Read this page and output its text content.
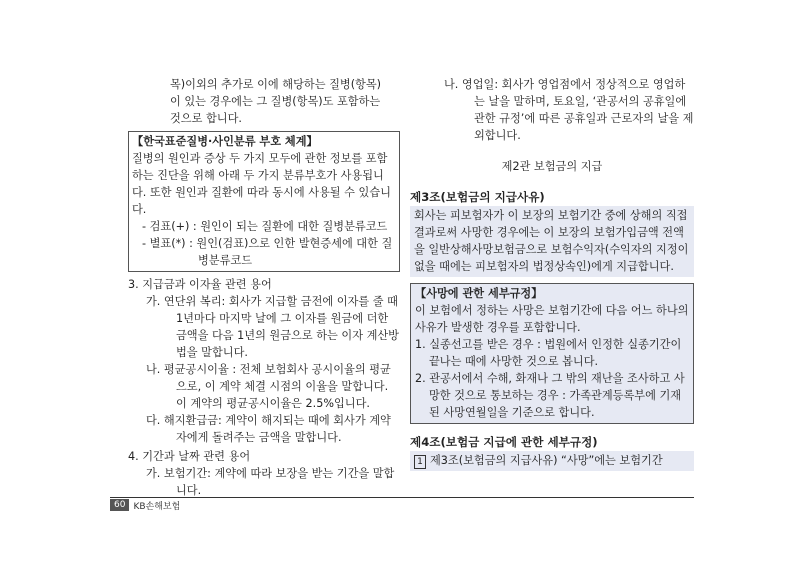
목)이외의 추가로 이에 해당하는 질병(항목)

이 있는 경우에는 그 질병(항목)도 포함하는

것으로 합니다.

【한국표준질병·사인분류 부호 체계】
질병의 원인과 증상 두 가지 모두에 관한 정보를 포함하는 진단을 위해 아래 두 가지 분류부호가 사용됩니다. 또한 원인과 질환에 따라 동시에 사용될 수 있습니다.
- 검표(+) : 원인이 되는 질환에 대한 질병분류코드
- 별표(*) : 원인(검표)으로 인한 발현증세에 대한 질병분류코드
3. 지급금과 이자율 관련 용어
가. 연단위 복리: 회사가 지급할 금전에 이자를 줄 때 1년마다 마지막 날에 그 이자를 원금에 더한 금액을 다음 1년의 원금으로 하는 이자 계산방법을 말합니다.
나. 평균공시이율 : 전체 보험회사 공시이율의 평균으로, 이 계약 체결 시점의 이율을 말합니다. 이 계약의 평균공시이율은 2.5%입니다.
다. 해지환급금: 계약이 해지되는 때에 회사가 계약자에게 돌려주는 금액을 말합니다.
4. 기간과 날짜 관련 용어
가. 보험기간: 계약에 따라 보장을 받는 기간을 말합니다.
나. 영업일: 회사가 영업점에서 정상적으로 영업하는 날을 말하며, 토요일, ‘관공서의 공휴일에 관한 규정’에 따른 공휴일과 근로자의 날을 제외합니다.
제2관 보험금의 지급
제3조(보험금의 지급사유)
회사는 피보험자가 이 보장의 보험기간 중에 상해의 직접결과로써 사망한 경우에는 이 보장의 보험가입금액 전액을 일반상해사망보험금으로 보험수익자(수익자의 지정이 없을 때에는 피보험자의 법정상속인)에게 지급합니다.
【사망에 관한 세부규정】
이 보험에서 정하는 사망은 보험기간에 다음 어느 하나의 사유가 발생한 경우를 포함합니다.
1. 실종선고를 받은 경우 : 법원에서 인정한 실종기간이 끝나는 때에 사망한 것으로 봅니다.
2. 관공서에서 수해, 화재나 그 밖의 재난을 조사하고 사망한 것으로 통보하는 경우 : 가족관계등록부에 기재된 사망연월일을 기준으로 합니다.
제4조(보험금 지급에 관한 세부규정)
1 제3조(보험금의 지급사유) “사망”에는 보험기간
60 KB손해보험
